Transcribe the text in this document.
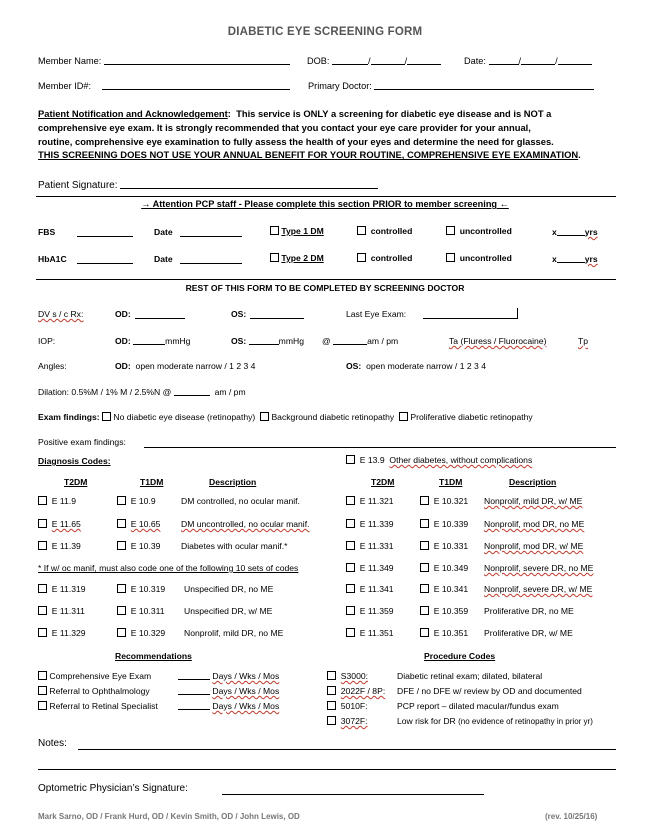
DIABETIC EYE SCREENING FORM
Member Name:	DOB:	/	/	Date:	/	/
Member ID#:	Primary Doctor:
Patient Notification and Acknowledgement:  This service is ONLY a screening for diabetic eye disease and is NOT a
comprehensive eye exam. It is strongly recommended that you contact your eye care provider for your annual,
routine, comprehensive eye examination to fully assess the health of your eyes and determine the need for glasses.
THIS SCREENING DOES NOT USE YOUR ANNUAL BENEFIT FOR YOUR ROUTINE, COMPREHENSIVE EYE EXAMINATION.
Patient Signature:
→ Attention PCP staff - Please complete this section PRIOR to member screening ←
FBS	Date	Type 1 DM	controlled	uncontrolled	x	yrs
HbA1C	Date	Type 2 DM	controlled	uncontrolled	x	yrs
REST OF THIS FORM TO BE COMPLETED BY SCREENING DOCTOR
DV s / c Rx:	OD:	OS:	Last Eye Exam:
IOP:	OD:	mmHg	OS:	mmHg @	am / pm	Ta (Fluress / Fluorocaine)	Tp
Angles:	OD: open moderate narrow / 1 2 3 4	OS: open moderate narrow / 1 2 3 4
Dilation: 0.5%M / 1% M / 2.5%N @	am / pm
Exam findings: No diabetic eye disease (retinopathy) Background diabetic retinopathy Proliferative diabetic retinopathy
Positive exam findings:
Diagnosis Codes:	E 13.9 Other diabetes, without complications
T2DM	T1DM	Description	T2DM	T1DM	Description
E 11.9	E 10.9	DM controlled, no ocular manif.
E 11.65	E 10.65 DM uncontrolled, no ocular manif.
E 11.39	E 10.39 Diabetes with ocular manif.*
* If w/ oc manif, must also code one of the following 10 sets of codes
E 11.319	E 10.319 Unspecified DR, no ME
E 11.311	E 10.311 Unspecified DR, w/ ME
E 11.329	E 10.329 Nonprolif, mild DR, no ME
E 11.321	E 10.321 Nonprolif, mild DR, w/ ME
E 11.339	E 10.339 Nonprolif, mod DR, no ME
E 11.331	E 10.331 Nonprolif, mod DR, w/ ME
E 11.349	E 10.349 Nonprolif, severe DR, no ME
E 11.341	E 10.341 Nonprolif, severe DR, w/ ME
E 11.359	E 10.359 Proliferative DR, no ME
E 11.351	E 10.351 Proliferative DR, w/ ME
Recommendations	Procedure Codes
Comprehensive Eye Exam	Days / Wks / Mos
Referral to Ophthalmology	Days / Wks / Mos
Referral to Retinal Specialist	Days / Wks / Mos
S3000:	Diabetic retinal exam; dilated, bilateral
2022F / 8P: DFE / no DFE w/ review by OD and documented
5010F:	PCP report – dilated macular/fundus exam
3072F:	Low risk for DR (no evidence of retinopathy in prior yr)
Notes:
Optometric Physician’s Signature:
Mark Sarno, OD / Frank Hurd, OD / Kevin Smith, OD / John Lewis, OD	(rev. 10/25/16)
